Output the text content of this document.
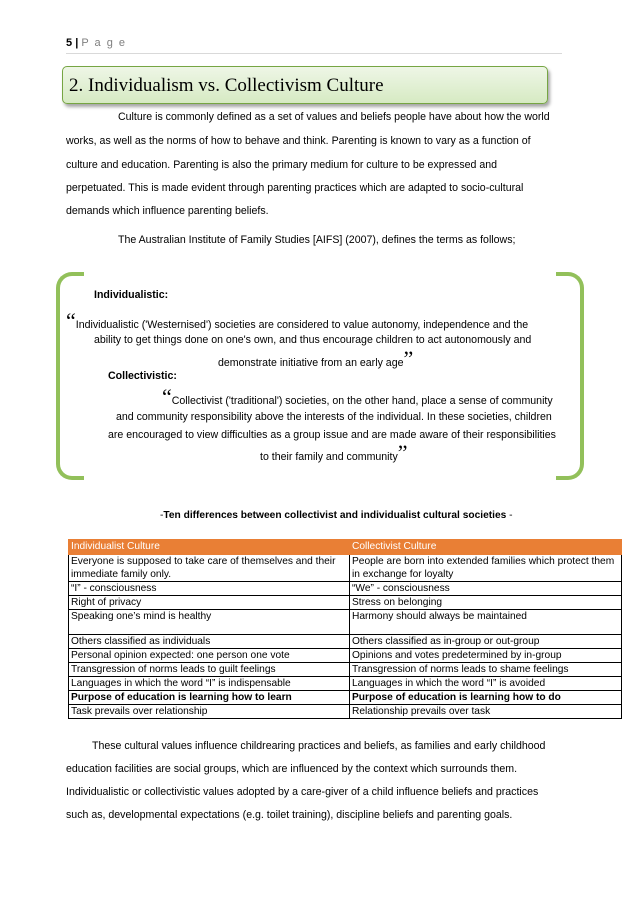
5 | P a g e
2. Individualism vs. Collectivism Culture
Culture is commonly defined as a set of values and beliefs people have about how the world
works, as well as the norms of how to behave and think. Parenting is known to vary as a function of
culture and education. Parenting is also the primary medium for culture to be expressed and
perpetuated. This is made evident through parenting practices which are adapted to socio-cultural
demands which influence parenting beliefs.
The Australian Institute of Family Studies [AIFS] (2007), defines the terms as follows;
Individualistic:
“Individualistic ('Westernised') societies are considered to value autonomy, independence and the
ability to get things done on one's own, and thus encourage children to act autonomously and
demonstrate initiative from an early age”
Collectivistic:
“Collectivist ('traditional') societies, on the other hand, place a sense of community
and community responsibility above the interests of the individual. In these societies, children
are encouraged to view difficulties as a group issue and are made aware of their responsibilities
to their family and community”
-Ten differences between collectivist and individualist cultural societies -
Individualist Culture	Collectivist Culture
Everyone is supposed to take care of themselves and their immediate family only.	People are born into extended families which protect them in exchange for loyalty
“I” - consciousness	“We” - consciousness
Right of privacy	Stress on belonging
Speaking one’s mind is healthy	Harmony should always be maintained
Others classified as individuals	Others classified as in-group or out-group
Personal opinion expected: one person one vote	Opinions and votes predetermined by in-group
Transgression of norms leads to guilt feelings	Transgression of norms leads to shame feelings
Languages in which the word “I” is indispensable	Languages in which the word “I” is avoided
Purpose of education is learning how to learn	Purpose of education is learning how to do
Task prevails over relationship	Relationship prevails over task
These cultural values influence childrearing practices and beliefs, as families and early childhood
education facilities are social groups, which are influenced by the context which surrounds them.
Individualistic or collectivistic values adopted by a care-giver of a child influence beliefs and practices
such as, developmental expectations (e.g. toilet training), discipline beliefs and parenting goals.
